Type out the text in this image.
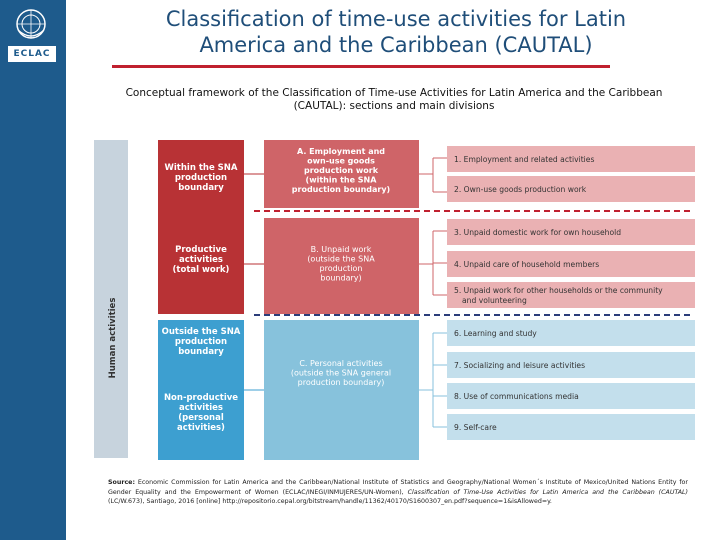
ECLAC
Classification of time-use activities for Latin
America and the Caribbean (CAUTAL)
Conceptual framework of the Classification of Time-use Activities for Latin America and the Caribbean
(CAUTAL): sections and main divisions
Human activities
Within the SNA production boundary
Productive activities (total work)
Outside the SNA production boundary
Non-productive activities (personal activities)
A. Employment and own-use goods production work (within the SNA production boundary)
B. Unpaid work (outside the SNA production boundary)
C. Personal activities (outside the SNA general production boundary)
1. Employment and related activities
2. Own-use goods production work
3. Unpaid domestic work for own household
4. Unpaid care of household members
5. Unpaid work for other households or the community and volunteering
6. Learning and study
7. Socializing and leisure activities
8. Use of communications media
9. Self-care
Source: Economic Commission for Latin America and the Caribbean/National Institute of Statistics and Geography/National Women´s Institute of Mexico/United Nations Entity for Gender Equality and the Empowerment of Women (ECLAC/INEGI/INMUJERES/UN-Women), Classification of Time-Use Activities for Latin America and the Caribbean (CAUTAL) (LC/W.673), Santiago, 2016 [online] http://repositorio.cepal.org/bitstream/handle/11362/40170/S1600307_en.pdf?sequence=1&isAllowed=y.
